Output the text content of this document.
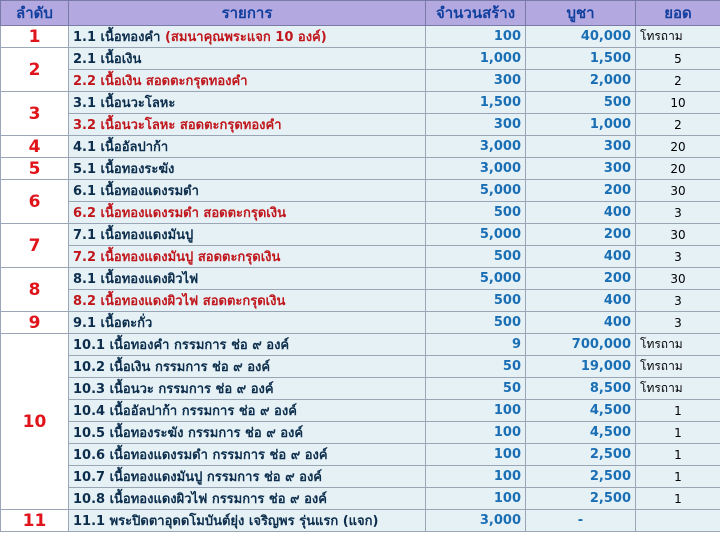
ลำดับ	รายการ	จำนวนสร้าง	บูชา	ยอด
1	1.1 เนื้อทองคำ (สมนาคุณพระแจก 10 องค์)	100	40,000	โทรถาม
2	2.1 เนื้อเงิน	1,000	1,500	5
	2.2 เนื้อเงิน สอดตะกรุดทองคำ	300	2,000	2
3	3.1 เนื้อนวะโลหะ	1,500	500	10
	3.2 เนื้อนวะโลหะ สอดตะกรุดทองคำ	300	1,000	2
4	4.1 เนื้ออัลปาก้า	3,000	300	20
5	5.1 เนื้อทองระฆัง	3,000	300	20
6	6.1 เนื้อทองแดงรมดำ	5,000	200	30
	6.2 เนื้อทองแดงรมดำ สอดตะกรุดเงิน	500	400	3
7	7.1 เนื้อทองแดงมันปู	5,000	200	30
	7.2 เนื้อทองแดงมันปู สอดตะกรุดเงิน	500	400	3
8	8.1 เนื้อทองแดงผิวไฟ	5,000	200	30
	8.2 เนื้อทองแดงผิวไฟ สอดตะกรุดเงิน	500	400	3
9	9.1 เนื้อตะกั่ว	500	400	3
10	10.1 เนื้อทองคำ กรรมการ ช่อ ๙ องค์	9	700,000	โทรถาม
	10.2 เนื้อเงิน กรรมการ ช่อ ๙ องค์	50	19,000	โทรถาม
	10.3 เนื้อนวะ กรรมการ ช่อ ๙ องค์	50	8,500	โทรถาม
	10.4 เนื้ออัลปาก้า กรรมการ ช่อ ๙ องค์	100	4,500	1
	10.5 เนื้อทองระฆัง กรรมการ ช่อ ๙ องค์	100	4,500	1
	10.6 เนื้อทองแดงรมดำ กรรมการ ช่อ ๙ องค์	100	2,500	1
	10.7 เนื้อทองแดงมันปู กรรมการ ช่อ ๙ องค์	100	2,500	1
	10.8 เนื้อทองแดงผิวไฟ กรรมการ ช่อ ๙ องค์	100	2,500	1
11	11.1 พระปิดตาอุดดโมบันต์ยุ่ง เจริญพร รุ่นแรก (แจก)	3,000	-	
